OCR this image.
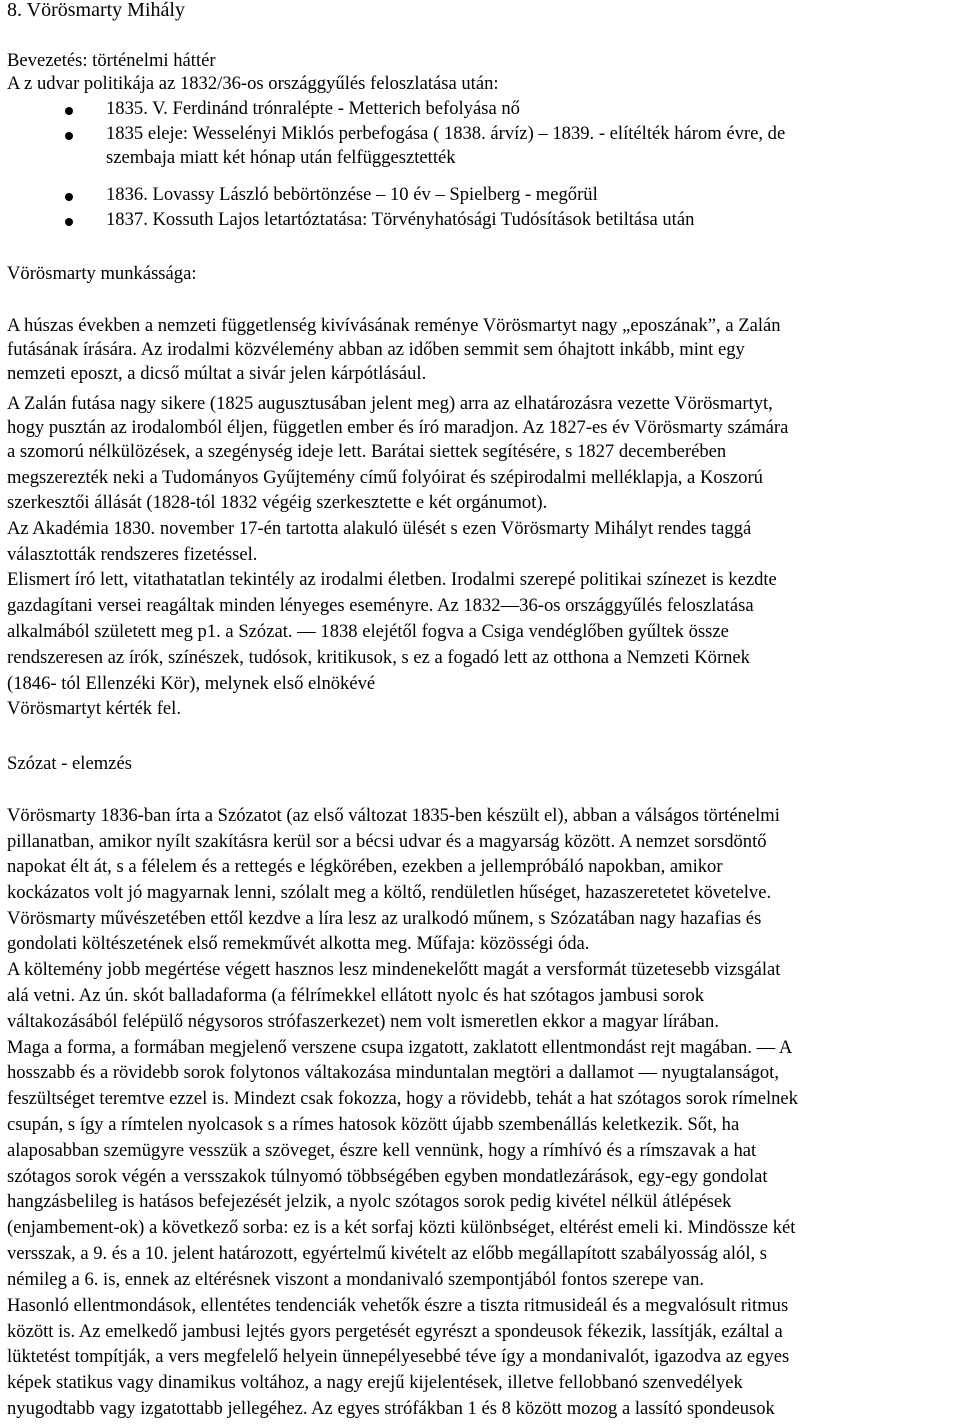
8. Vörösmarty Mihály
Bevezetés: történelmi háttér
A z udvar politikája az 1832/36-os országgyűlés feloszlatása után:
1835. V. Ferdinánd trónralépte - Metterich befolyása nő
1835 eleje: Wesselényi Miklós perbefogása ( 1838. árvíz) – 1839. - elítélték három évre, de
szembaja miatt két hónap után felfüggesztették
1836. Lovassy László bebörtönzése – 10 év – Spielberg - megőrül
1837. Kossuth Lajos letartóztatása: Törvényhatósági Tudósítások betiltása után
Vörösmarty munkássága:
A húszas években a nemzeti függetlenség kivívásának reménye Vörösmartyt nagy „eposzának”, a Zalán
futásának írására. Az irodalmi közvélemény abban az időben semmit sem óhajtott inkább, mint egy
nemzeti eposzt, a dicső múltat a sivár jelen kárpótlásául.
A Zalán futása nagy sikere (1825 augusztusában jelent meg) arra az elhatározásra vezette Vörösmartyt,
hogy pusztán az irodalomból éljen, független ember és író maradjon. Az 1827-es év Vörösmarty számára
a szomorú nélkülözések, a szegénység ideje lett. Barátai siettek segítésére, s 1827 decemberében
megszerezték neki a Tudományos Gyűjtemény című folyóirat és szépirodalmi melléklapja, a Koszorú
szerkesztői állását (1828-tól 1832 végéig szerkesztette e két orgánumot).
Az Akadémia 1830. november 17-én tartotta alakuló ülését s ezen Vörösmarty Mihályt rendes taggá
választották rendszeres fizetéssel.
Elismert író lett, vitathatatlan tekintély az irodalmi életben. Irodalmi szerepé politikai színezet is kezdte
gazdagítani versei reagáltak minden lényeges eseményre. Az 1832—36-os országgyűlés feloszlatása
alkalmából született meg p1. a Szózat. — 1838 elejétől fogva a Csiga vendéglőben gyűltek össze
rendszeresen az írók, színészek, tudósok, kritikusok, s ez a fogadó lett az otthona a Nemzeti Körnek
(1846- tól Ellenzéki Kör), melynek első elnökévé
Vörösmartyt kérték fel.
Szózat - elemzés
Vörösmarty 1836-ban írta a Szózatot (az első változat 1835-ben készült el), abban a válságos történelmi
pillanatban, amikor nyílt szakításra kerül sor a bécsi udvar és a magyarság között. A nemzet sorsdöntő
napokat élt át, s a félelem és a rettegés e légkörében, ezekben a jellempróbáló napokban, amikor
kockázatos volt jó magyarnak lenni, szólalt meg a költő, rendületlen hűséget, hazaszeretetet követelve.
Vörösmarty művészetében ettől kezdve a líra lesz az uralkodó műnem, s Szózatában nagy hazafias és
gondolati költészetének első remekművét alkotta meg. Műfaja: közösségi óda.
A költemény jobb megértése végett hasznos lesz mindenekelőtt magát a versformát tüzetesebb vizsgálat
alá vetni. Az ún. skót balladaforma (a félrímekkel ellátott nyolc és hat szótagos jambusi sorok
váltakozásából felépülő négysoros strófaszerkezet) nem volt ismeretlen ekkor a magyar lírában.
Maga a forma, a formában megjelenő verszene csupa izgatott, zaklatott ellentmondást rejt magában. — A
hosszabb és a rövidebb sorok folytonos váltakozása minduntalan megtöri a dallamot — nyugtalanságot,
feszültséget teremtve ezzel is. Mindezt csak fokozza, hogy a rövidebb, tehát a hat szótagos sorok rímelnek
csupán, s így a rímtelen nyolcasok s a rímes hatosok között újabb szembenállás keletkezik. Sőt, ha
alaposabban szemügyre vesszük a szöveget, észre kell vennünk, hogy a rímhívó és a rímszavak a hat
szótagos sorok végén a versszakok túlnyomó többségében egyben mondatlezárások, egy-egy gondolat
hangzásbelileg is hatásos befejezését jelzik, a nyolc szótagos sorok pedig kivétel nélkül átlépések
(enjambement-ok) a következő sorba: ez is a két sorfaj közti különbséget, eltérést emeli ki. Mindössze két
versszak, a 9. és a 10. jelent határozott, egyértelmű kivételt az előbb megállapított szabályosság alól, s
némileg a 6. is, ennek az eltérésnek viszont a mondanivaló szempontjából fontos szerepe van.
Hasonló ellentmondások, ellentétes tendenciák vehetők észre a tiszta ritmusideál és a megvalósult ritmus
között is. Az emelkedő jambusi lejtés gyors pergetését egyrészt a spondeusok fékezik, lassítják, ezáltal a
lüktetést tompítják, a vers megfelelő helyein ünnepélyesebbé téve így a mondanivalót, igazodva az egyes
képek statikus vagy dinamikus voltához, a nagy erejű kijelentések, illetve fellobbanó szenvedélyek
nyugodtabb vagy izgatottabb jellegéhez. Az egyes strófákban 1 és 8 között mozog a lassító spondeusok
